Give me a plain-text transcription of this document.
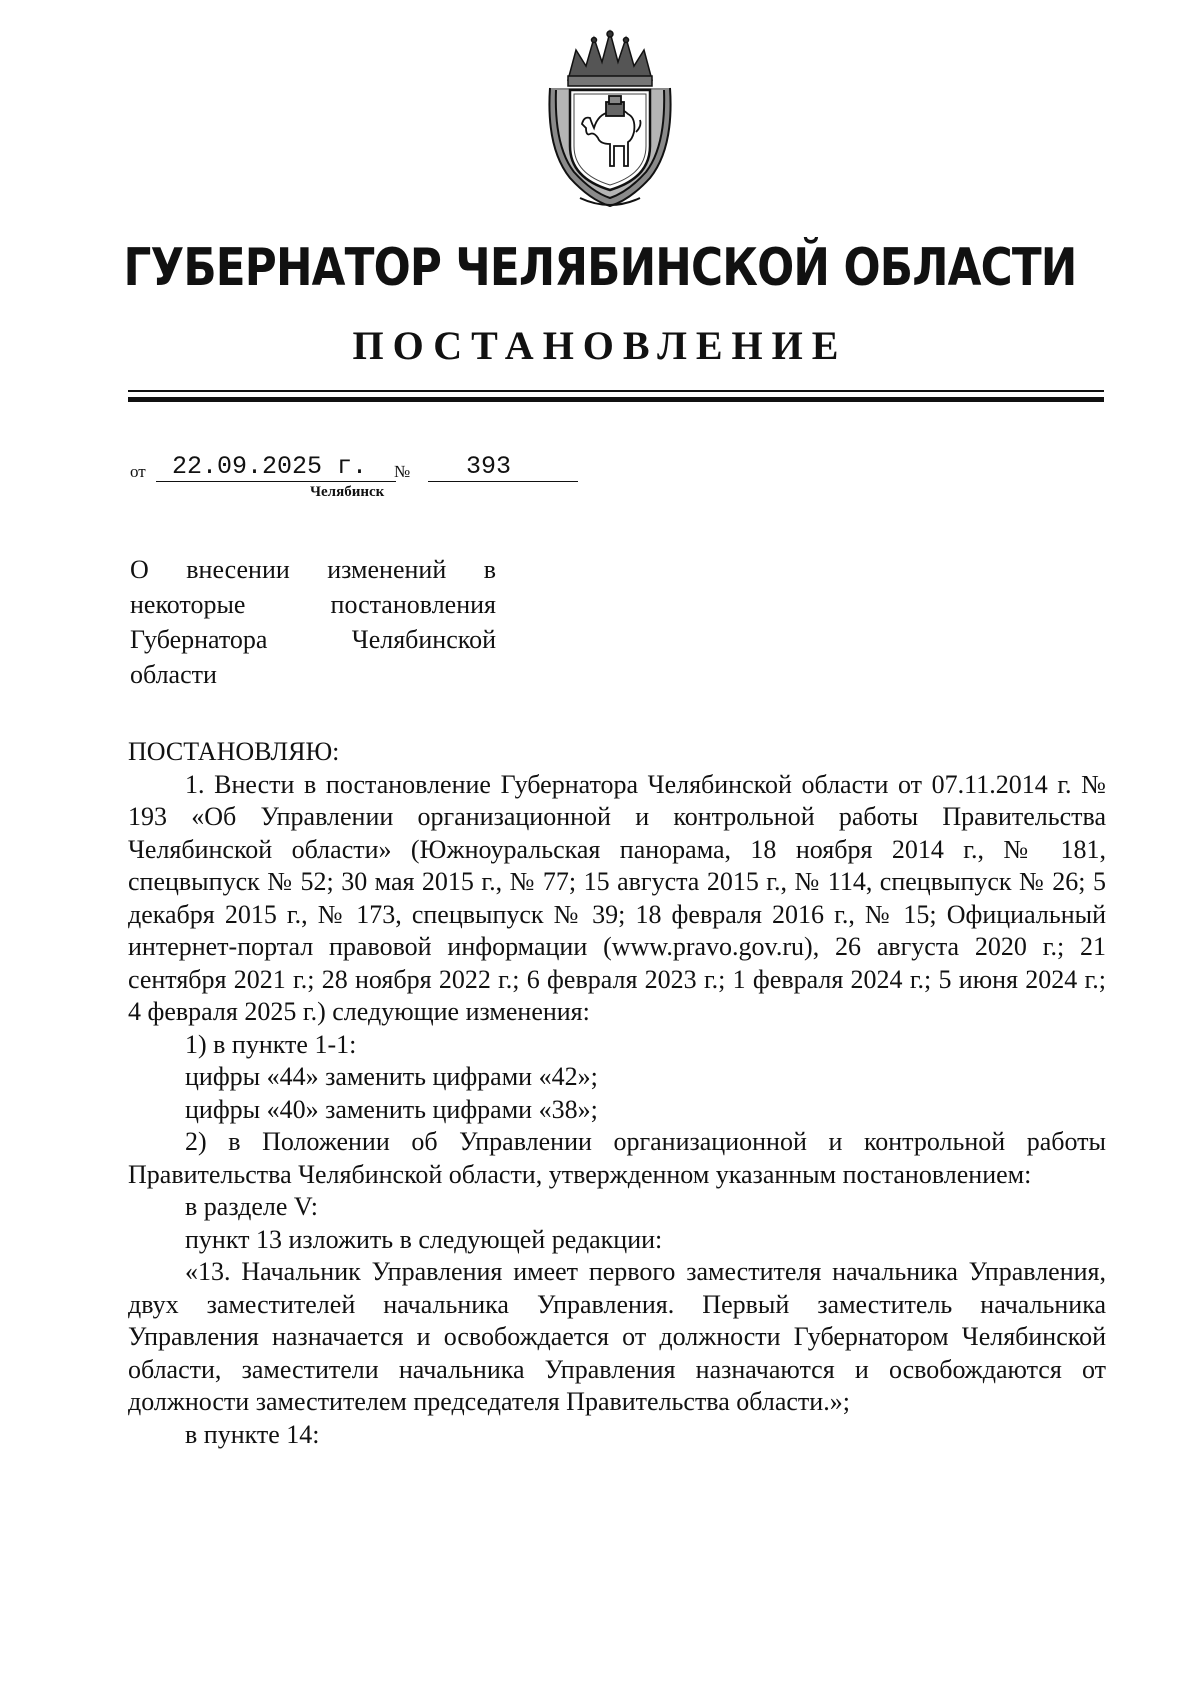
ГУБЕРНАТОР ЧЕЛЯБИНСКОЙ ОБЛАСТИ
ПОСТАНОВЛЕНИЕ
от 22.09.2025 г. № 393
Челябинск
О внесении изменений в
некоторые постановления
Губернатора Челябинской
области

ПОСТАНОВЛЯЮ:

1. Внести в постановление Губернатора Челябинской области от 07.11.2014 г. № 193 «Об Управлении организационной и контрольной работы Правительства Челябинской области» (Южноуральская панорама, 18 ноября 2014 г., № 181, спецвыпуск № 52; 30 мая 2015 г., № 77; 15 августа 2015 г., № 114, спецвыпуск № 26; 5 декабря 2015 г., № 173, спецвыпуск № 39; 18 февраля 2016 г., № 15; Официальный интернет-портал правовой информации (www.pravo.gov.ru), 26 августа 2020 г.; 21 сентября 2021 г.; 28 ноября 2022 г.; 6 февраля 2023 г.; 1 февраля 2024 г.; 5 июня 2024 г.; 4 февраля 2025 г.) следующие изменения:

1) в пункте 1-1:

цифры «44» заменить цифрами «42»;

цифры «40» заменить цифрами «38»;

2) в Положении об Управлении организационной и контрольной работы Правительства Челябинской области, утвержденном указанным постановлением:

в разделе V:

пункт 13 изложить в следующей редакции:

«13. Начальник Управления имеет первого заместителя начальника Управления, двух заместителей начальника Управления. Первый заместитель начальника Управления назначается и освобождается от должности Губернатором Челябинской области, заместители начальника Управления назначаются и освобождаются от должности заместителем председателя Правительства области.»;

в пункте 14:
